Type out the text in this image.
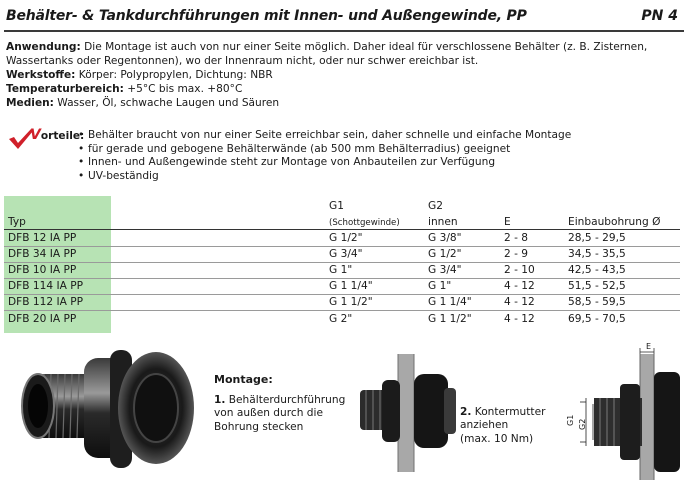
Behälter- & Tankdurchführungen mit Innen- und Außengewinde, PP	PN 4
Anwendung: Die Montage ist auch von nur einer Seite möglich. Daher ideal für verschlossene Behälter (z. B. Zisternen,
Wassertanks oder Regentonnen), wo der Innenraum nicht, oder nur schwer ereichbar ist.
Werkstoffe: Körper: Polypropylen, Dichtung: NBR
Temperaturbereich: +5°C bis max. +80°C
Medien: Wasser, Öl, schwache Laugen und Säuren
Vorteile:
• Behälter braucht von nur einer Seite erreichbar sein, daher schnelle und einfache Montage
• für gerade und gebogene Behälterwände (ab 500 mm Behälterradius) geeignet
• Innen- und Außengewinde steht zur Montage von Anbauteilen zur Verfügung
• UV-beständig
G1
(Schottgewinde)
G2
innen
Typ	E	Einbaubohrung Ø
DFB 12 IA PP	G 1/2"	G 3/8"	2 - 8	28,5 - 29,5
DFB 34 IA PP	G 3/4"	G 1/2"	2 - 9	34,5 - 35,5
DFB 10 IA PP	G 1"	G 3/4"	2 - 10	42,5 - 43,5
DFB 114 IA PP	G 1 1/4"	G 1"	4 - 12	51,5 - 52,5
DFB 112 IA PP	G 1 1/2"	G 1 1/4"	4 - 12	58,5 - 59,5
DFB 20 IA PP	G 2"	G 1 1/2"	4 - 12	69,5 - 70,5
Montage:
1. Behälterdurchführung
von außen durch die
Bohrung stecken
2. Kontermutter
anziehen
(max. 10 Nm)
E
G1 G2
